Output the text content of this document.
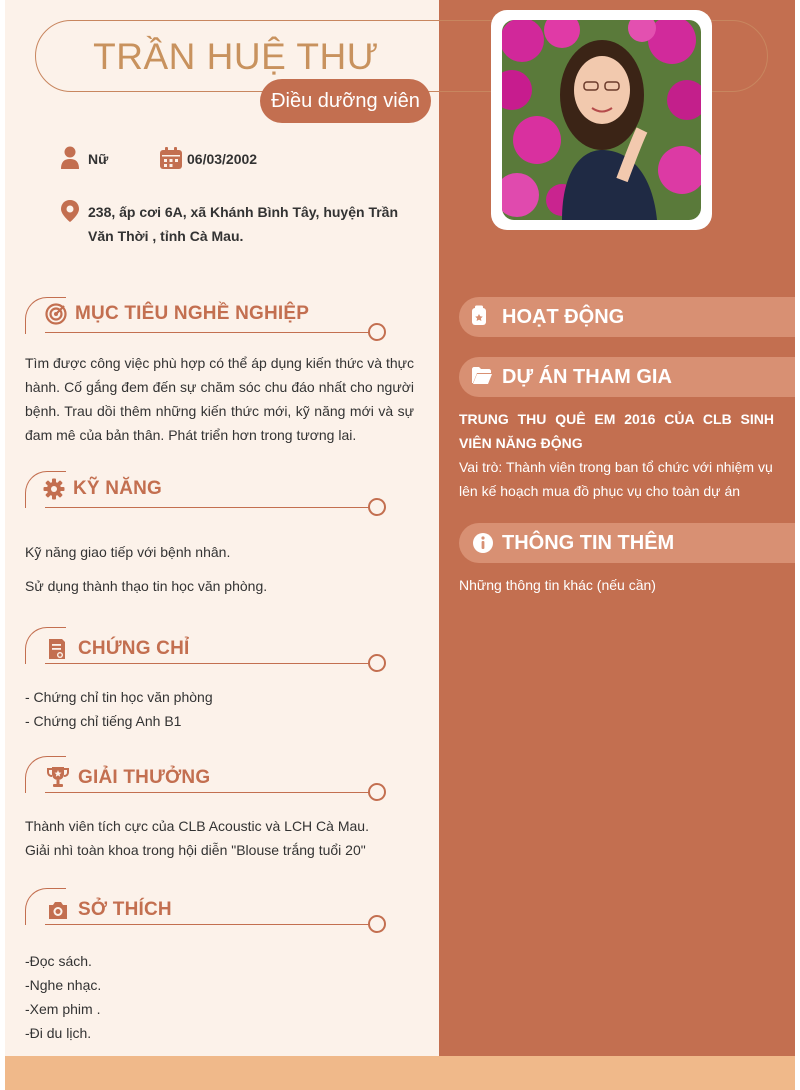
TRẦN HUỆ THƯ
Điều dưỡng viên
Nữ	06/03/2002
238, ấp cơi 6A, xã Khánh Bình Tây, huyện Trần Văn Thời , tỉnh Cà Mau.
MỤC TIÊU NGHỀ NGHIỆP
Tìm được công việc phù hợp có thể áp dụng kiến thức và thực hành. Cố gắng đem đến sự chăm sóc chu đáo nhất cho người bệnh. Trau dồi thêm những kiến thức mới, kỹ năng mới và sự đam mê của bản thân. Phát triển hơn trong tương lai.
KỸ NĂNG
Kỹ năng giao tiếp với bệnh nhân.
Sử dụng thành thạo tin học văn phòng.
CHỨNG CHỈ
- Chứng chỉ tin học văn phòng
- Chứng chỉ tiếng Anh B1
GIẢI THƯỞNG
Thành viên tích cực của CLB Acoustic và LCH Cà Mau.
Giải nhì toàn khoa trong hội diễn "Blouse trắng tuổi 20"
SỞ THÍCH
-Đọc sách.
-Nghe nhạc.
-Xem phim .
-Đi du lịch.
HOẠT ĐỘNG
DỰ ÁN THAM GIA
TRUNG THU QUÊ EM 2016 CỦA CLB SINH VIÊN NĂNG ĐỘNG
Vai trò: Thành viên trong ban tổ chức với nhiệm vụ lên kế hoạch mua đồ phục vụ cho toàn dự án
THÔNG TIN THÊM
Những thông tin khác (nếu cần)
